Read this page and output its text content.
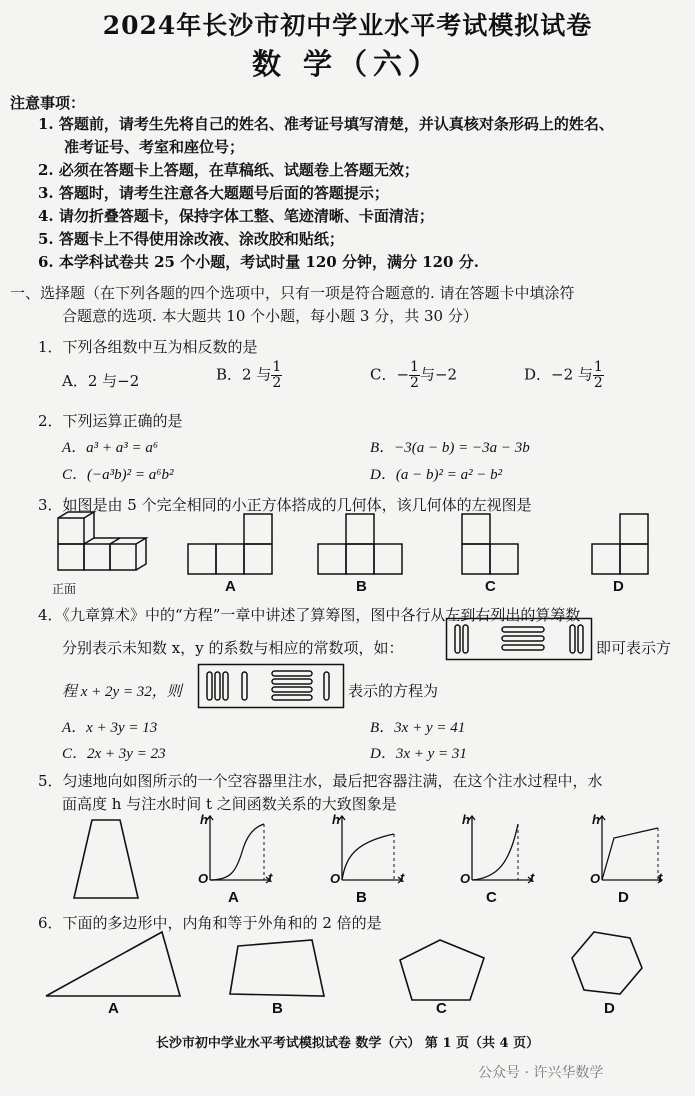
2024年长沙市初中学业水平考试模拟试卷
数 学（六）
注意事项：
1. 答题前，请考生先将自己的姓名、准考证号填写清楚，并认真核对条形码上的姓名、
准考证号、考室和座位号；
2. 必须在答题卡上答题，在草稿纸、试题卷上答题无效；
3. 答题时，请考生注意各大题题号后面的答题提示；
4. 请勿折叠答题卡，保持字体工整、笔迹清晰、卡面清洁；
5. 答题卡上不得使用涂改液、涂改胶和贴纸；
6. 本学科试卷共 25 个小题，考试时量 120 分钟，满分 120 分.
一、选择题（在下列各题的四个选项中，只有一项是符合题意的. 请在答题卡中填涂符
合题意的选项. 本大题共 10 个小题，每小题 3 分，共 30 分）
1．下列各组数中互为相反数的是
A．2 与−2	B．2 与 $\frac{1}{2}$	C．− $\frac{1}{2}$ 与−2	D．−2 与 $\frac{1}{2}$
2．下列运算正确的是
A．a³ + a³ = a⁶	B．−3(a − b) = −3a − 3b
C．(−a³b)² = a⁶b²	D．(a − b)² = a² − b²
3．如图是由 5 个完全相同的小正方体搭成的几何体，该几何体的左视图是
正面	A	B	C	D
4．《九章算术》中的“方程”一章中讲述了算筹图，图中各行从左到右列出的算筹数
分别表示未知数 x，y 的系数与相应的常数项，如：	即可表示方
程 x + 2y = 32，则	表示的方程为
A．x + 3y = 13	B．3x + y = 41
C．2x + 3y = 23	D．3x + y = 31
5．匀速地向如图所示的一个空容器里注水，最后把容器注满，在这个注水过程中，水
面高度 h 与注水时间 t 之间函数关系的大致图象是
h
t
O
A
h
t
O
B
h
t
O
C
h
t
O
D
6．下面的多边形中，内角和等于外角和的 2 倍的是
A	B	C	D
长沙市初中学业水平考试模拟试卷 数学（六） 第 1 页（共 4 页）
公众号 · 许兴华数学
